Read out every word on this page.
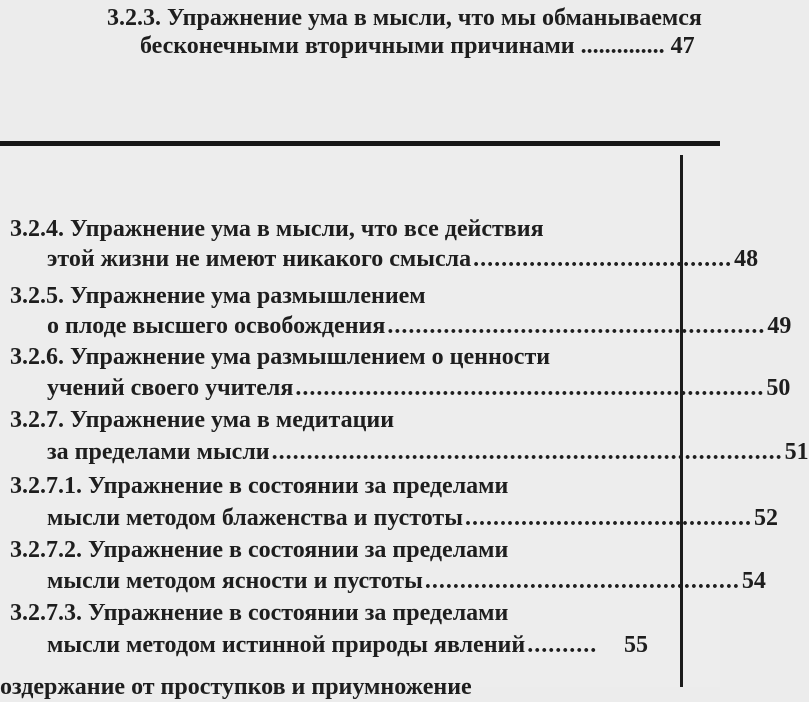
3.2.3. Упражнение ума в мысли, что мы обманываемся
бесконечными вторичными причинами .............. 47
3.2.4. Упражнение ума в мысли, что все действия
этой жизни не имеют никакого смысла ..................................... 48
3.2.5. Упражнение ума размышлением
о плоде высшего освобождения ...................................................... 49
3.2.6. Упражнение ума размышлением о ценности
учений своего учителя ................................................................... 50
3.2.7. Упражнение ума в медитации
за пределами мысли ......................................................................... 51
3.2.7.1. Упражнение в состоянии за пределами
мысли методом блаженства и пустоты ......................................... 52
3.2.7.2. Упражнение в состоянии за пределами
мысли методом ясности и пустоты ............................................. 54
3.2.7.3. Упражнение в состоянии за пределами
мысли методом истинной природы явлений ..........	55
оздержание от проступков и приумножение
